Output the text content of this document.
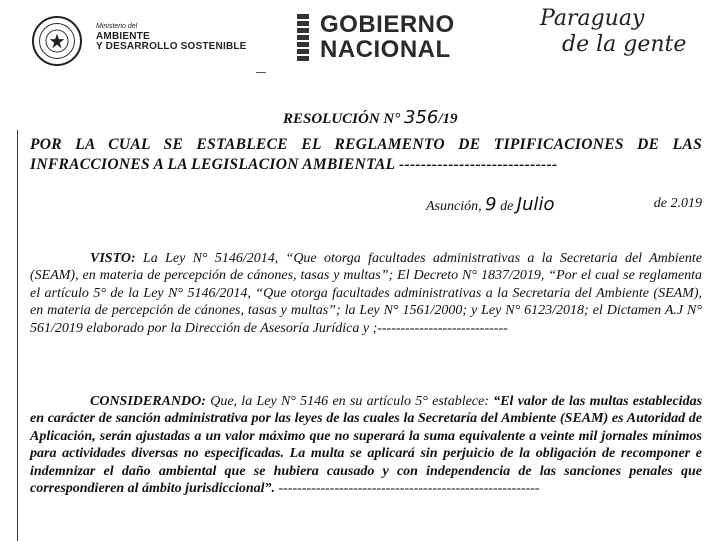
Ministerio del
AMBIENTE
Y DESARROLLO SOSTENIBLE
GOBIERNO
NACIONAL
Paraguay
de la gente
RESOLUCIÓN N° 356/19
POR LA CUAL SE ESTABLECE EL REGLAMENTO DE TIPIFICACIONES DE LAS INFRACCIONES A LA LEGISLACION AMBIENTAL -----------------------------
Asunción, 9 de Julio	de 2.019
VISTO: La Ley N° 5146/2014, “Que otorga facultades administrativas a la Secretaria del Ambiente (SEAM), en materia de percepción de cánones, tasas y multas”; El Decreto N° 1837/2019, “Por el cual se reglamenta el artículo 5° de la Ley N° 5146/2014, “Que otorga facultades administrativas a la Secretaria del Ambiente (SEAM), en materia de percepción de cánones, tasas y multas”; la Ley N° 1561/2000; y Ley N° 6123/2018; el Dictamen A.J N° 561/2019 elaborado por la Dirección de Asesoría Jurídica y ;----------------------------
CONSIDERANDO: Que, la Ley N° 5146 en su artículo 5° establece: “El valor de las multas establecidas en carácter de sanción administrativa por las leyes de las cuales la Secretaría del Ambiente (SEAM) es Autoridad de Aplicación, serán ajustadas a un valor máximo que no superará la suma equivalente a veinte mil jornales mínimos para actividades diversas no especificadas. La multa se aplicará sin perjuicio de la obligación de recomponer e indemnizar el daño ambiental que se hubiera causado y con independencia de las sanciones penales que correspondieren al ámbito jurisdiccional”. --------------------------------------------------------
